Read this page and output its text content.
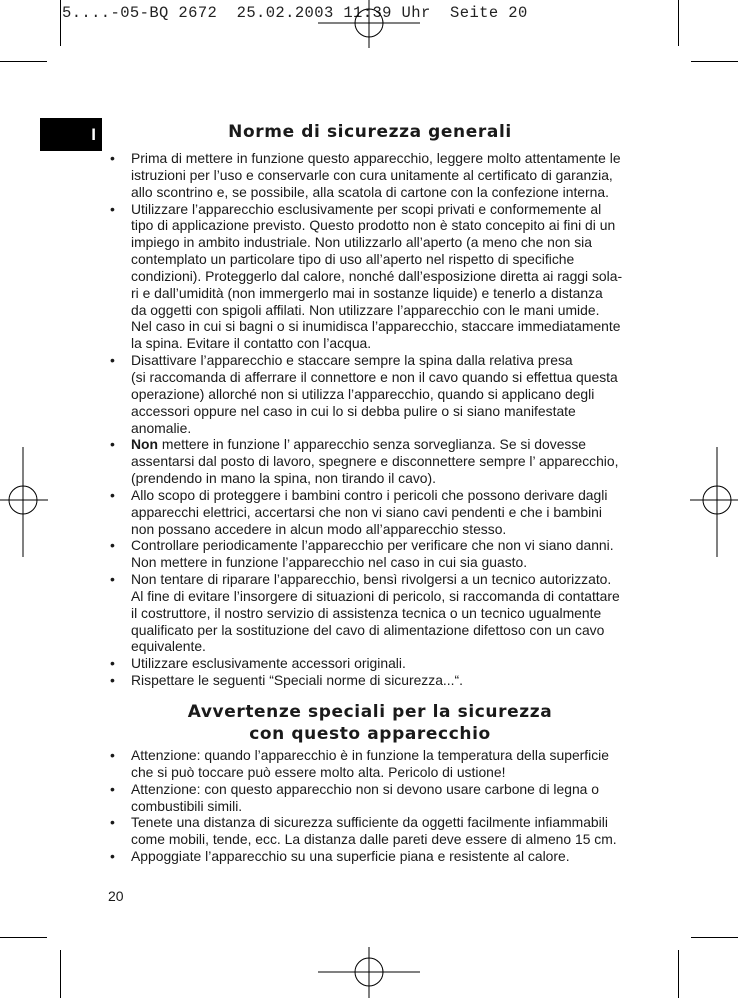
5....-05-BQ 2672  25.02.2003 11:39 Uhr  Seite 20
I	Norme di sicurezza generali
• Prima di mettere in funzione questo apparecchio, leggere molto attentamente le
istruzioni per l’uso e conservarle con cura unitamente al certificato di garanzia,
allo scontrino e, se possibile, alla scatola di cartone con la confezione interna.
• Utilizzare l’apparecchio esclusivamente per scopi privati e conformemente al
tipo di applicazione previsto. Questo prodotto non è stato concepito ai fini di un
impiego in ambito industriale. Non utilizzarlo all’aperto (a meno che non sia
contemplato un particolare tipo di uso all’aperto nel rispetto di specifiche
condizioni). Proteggerlo dal calore, nonché dall’esposizione diretta ai raggi sola-
ri e dall’umidità (non immergerlo mai in sostanze liquide) e tenerlo a distanza
da oggetti con spigoli affilati. Non utilizzare l’apparecchio con le mani umide.
Nel caso in cui si bagni o si inumidisca l’apparecchio, staccare immediatamente
la spina. Evitare il contatto con l’acqua.
• Disattivare l’apparecchio e staccare sempre la spina dalla relativa presa
(si raccomanda di afferrare il connettore e non il cavo quando si effettua questa
operazione) allorché non si utilizza l’apparecchio, quando si applicano degli
accessori oppure nel caso in cui lo si debba pulire o si siano manifestate
anomalie.
• Non mettere in funzione l’ apparecchio senza sorveglianza. Se si dovesse
assentarsi dal posto di lavoro, spegnere e disconnettere sempre l’ apparecchio,
(prendendo in mano la spina, non tirando il cavo).
• Allo scopo di proteggere i bambini contro i pericoli che possono derivare dagli
apparecchi elettrici, accertarsi che non vi siano cavi pendenti e che i bambini
non possano accedere in alcun modo all’apparecchio stesso.
• Controllare periodicamente l’apparecchio per verificare che non vi siano danni.
Non mettere in funzione l’apparecchio nel caso in cui sia guasto.
• Non tentare di riparare l’apparecchio, bensì rivolgersi a un tecnico autorizzato.
Al fine di evitare l’insorgere di situazioni di pericolo, si raccomanda di contattare
il costruttore, il nostro servizio di assistenza tecnica o un tecnico ugualmente
qualificato per la sostituzione del cavo di alimentazione difettoso con un cavo
equivalente.
• Utilizzare esclusivamente accessori originali.
• Rispettare le seguenti “Speciali norme di sicurezza...“.
Avvertenze speciali per la sicurezza
con questo apparecchio
• Attenzione: quando l’apparecchio è in funzione la temperatura della superficie
che si può toccare può essere molto alta. Pericolo di ustione!
• Attenzione: con questo apparecchio non si devono usare carbone di legna o
combustibili simili.
• Tenete una distanza di sicurezza sufficiente da oggetti facilmente infiammabili
come mobili, tende, ecc. La distanza dalle pareti deve essere di almeno 15 cm.
• Appoggiate l’apparecchio su una superficie piana e resistente al calore.
20
